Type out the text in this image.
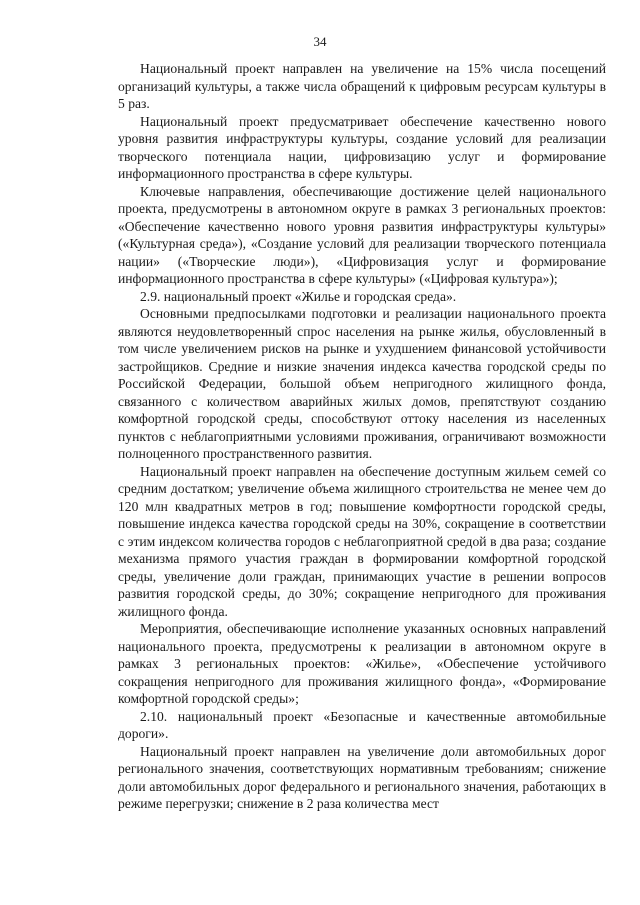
34

Национальный проект направлен на увеличение на 15% числа посещений организаций культуры, а также числа обращений к цифровым ресурсам культуры в 5 раз.

Национальный проект предусматривает обеспечение качественно нового уровня развития инфраструктуры культуры, создание условий для реализации творческого потенциала нации, цифровизацию услуг и формирование информационного пространства в сфере культуры.

Ключевые направления, обеспечивающие достижение целей национального проекта, предусмотрены в автономном округе в рамках 3 региональных проектов: «Обеспечение качественно нового уровня развития инфраструктуры культуры» («Культурная среда»), «Создание условий для реализации творческого потенциала нации» («Творческие люди»), «Цифровизация услуг и формирование информационного пространства в сфере культуры» («Цифровая культура»);

2.9. национальный проект «Жилье и городская среда».

Основными предпосылками подготовки и реализации национального проекта являются неудовлетворенный спрос населения на рынке жилья, обусловленный в том числе увеличением рисков на рынке и ухудшением финансовой устойчивости застройщиков. Средние и низкие значения индекса качества городской среды по Российской Федерации, большой объем непригодного жилищного фонда, связанного с количеством аварийных жилых домов, препятствуют созданию комфортной городской среды, способствуют оттоку населения из населенных пунктов с неблагоприятными условиями проживания, ограничивают возможности полноценного пространственного развития.

Национальный проект направлен на обеспечение доступным жильем семей со средним достатком; увеличение объема жилищного строительства не менее чем до 120 млн квадратных метров в год; повышение комфортности городской среды, повышение индекса качества городской среды на 30%, сокращение в соответствии с этим индексом количества городов с неблагоприятной средой в два раза; создание механизма прямого участия граждан в формировании комфортной городской среды, увеличение доли граждан, принимающих участие в решении вопросов развития городской среды, до 30%; сокращение непригодного для проживания жилищного фонда.

Мероприятия, обеспечивающие исполнение указанных основных направлений национального проекта, предусмотрены к реализации в автономном округе в рамках 3 региональных проектов: «Жилье», «Обеспечение устойчивого сокращения непригодного для проживания жилищного фонда», «Формирование комфортной городской среды»;

2.10. национальный проект «Безопасные и качественные автомобильные дороги».

Национальный проект направлен на увеличение доли автомобильных дорог регионального значения, соответствующих нормативным требованиям; снижение доли автомобильных дорог федерального и регионального значения, работающих в режиме перегрузки; снижение в 2 раза количества мест
